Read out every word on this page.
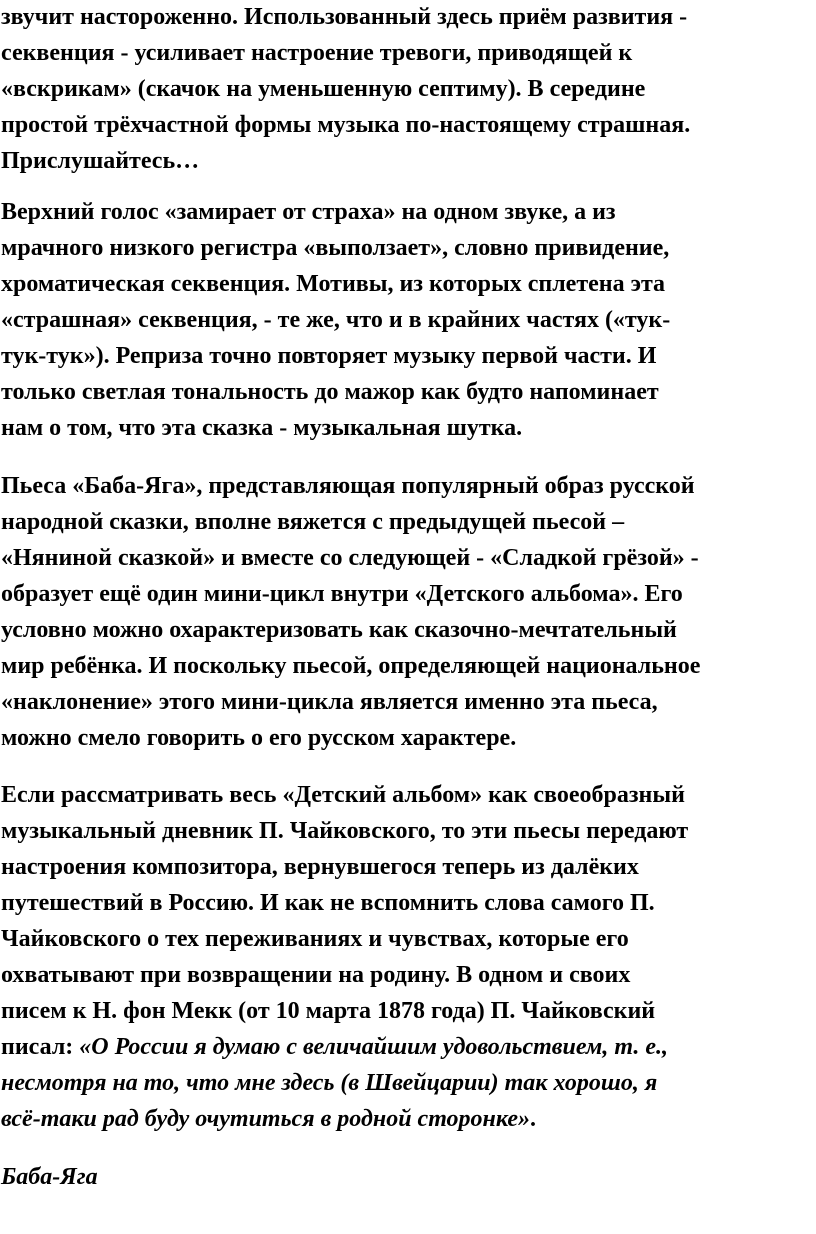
звучит настороженно. Использованный здесь приём развития -
секвенция - усиливает настроение тревоги, приводящей к
«вскрикам» (скачок на уменьшенную септиму). В середине
простой трёхчастной формы музыка по-настоящему страшная.
Прислушайтесь…
Верхний голос «замирает от страха» на одном звуке, а из
мрачного низкого регистра «выползает», словно привидение,
хроматическая секвенция. Мотивы, из которых сплетена эта
«страшная» секвенция, - те же, что и в крайних частях («тук-
тук-тук»). Реприза точно повторяет музыку первой части. И
только светлая тональность до мажор как будто напоминает
нам о том, что эта сказка - музыкальная шутка.
Пьеса «Баба-Яга», представляющая популярный образ русской
народной сказки, вполне вяжется с предыдущей пьесой –
«Няниной сказкой» и вместе со следующей - «Сладкой грёзой» -
образует ещё один мини-цикл внутри «Детского альбома». Его
условно можно охарактеризовать как сказочно-мечтательный
мир ребёнка. И поскольку пьесой, определяющей национальное
«наклонение» этого мини-цикла является именно эта пьеса,
можно смело говорить о его русском характере.
Если рассматривать весь «Детский альбом» как своеобразный
музыкальный дневник П. Чайковского, то эти пьесы передают
настроения композитора, вернувшегося теперь из далёких
путешествий в Россию. И как не вспомнить слова самого П.
Чайковского о тех переживаниях и чувствах, которые его
охватывают при возвращении на родину. В одном и своих
писем к Н. фон Мекк (от 10 марта 1878 года) П. Чайковский
писал: «О России я думаю с величайшим удовольствием, т. е.,
несмотря на то, что мне здесь (в Швейцарии) так хорошо, я
всё-таки рад буду очутиться в родной сторонке».
Баба-Яга
